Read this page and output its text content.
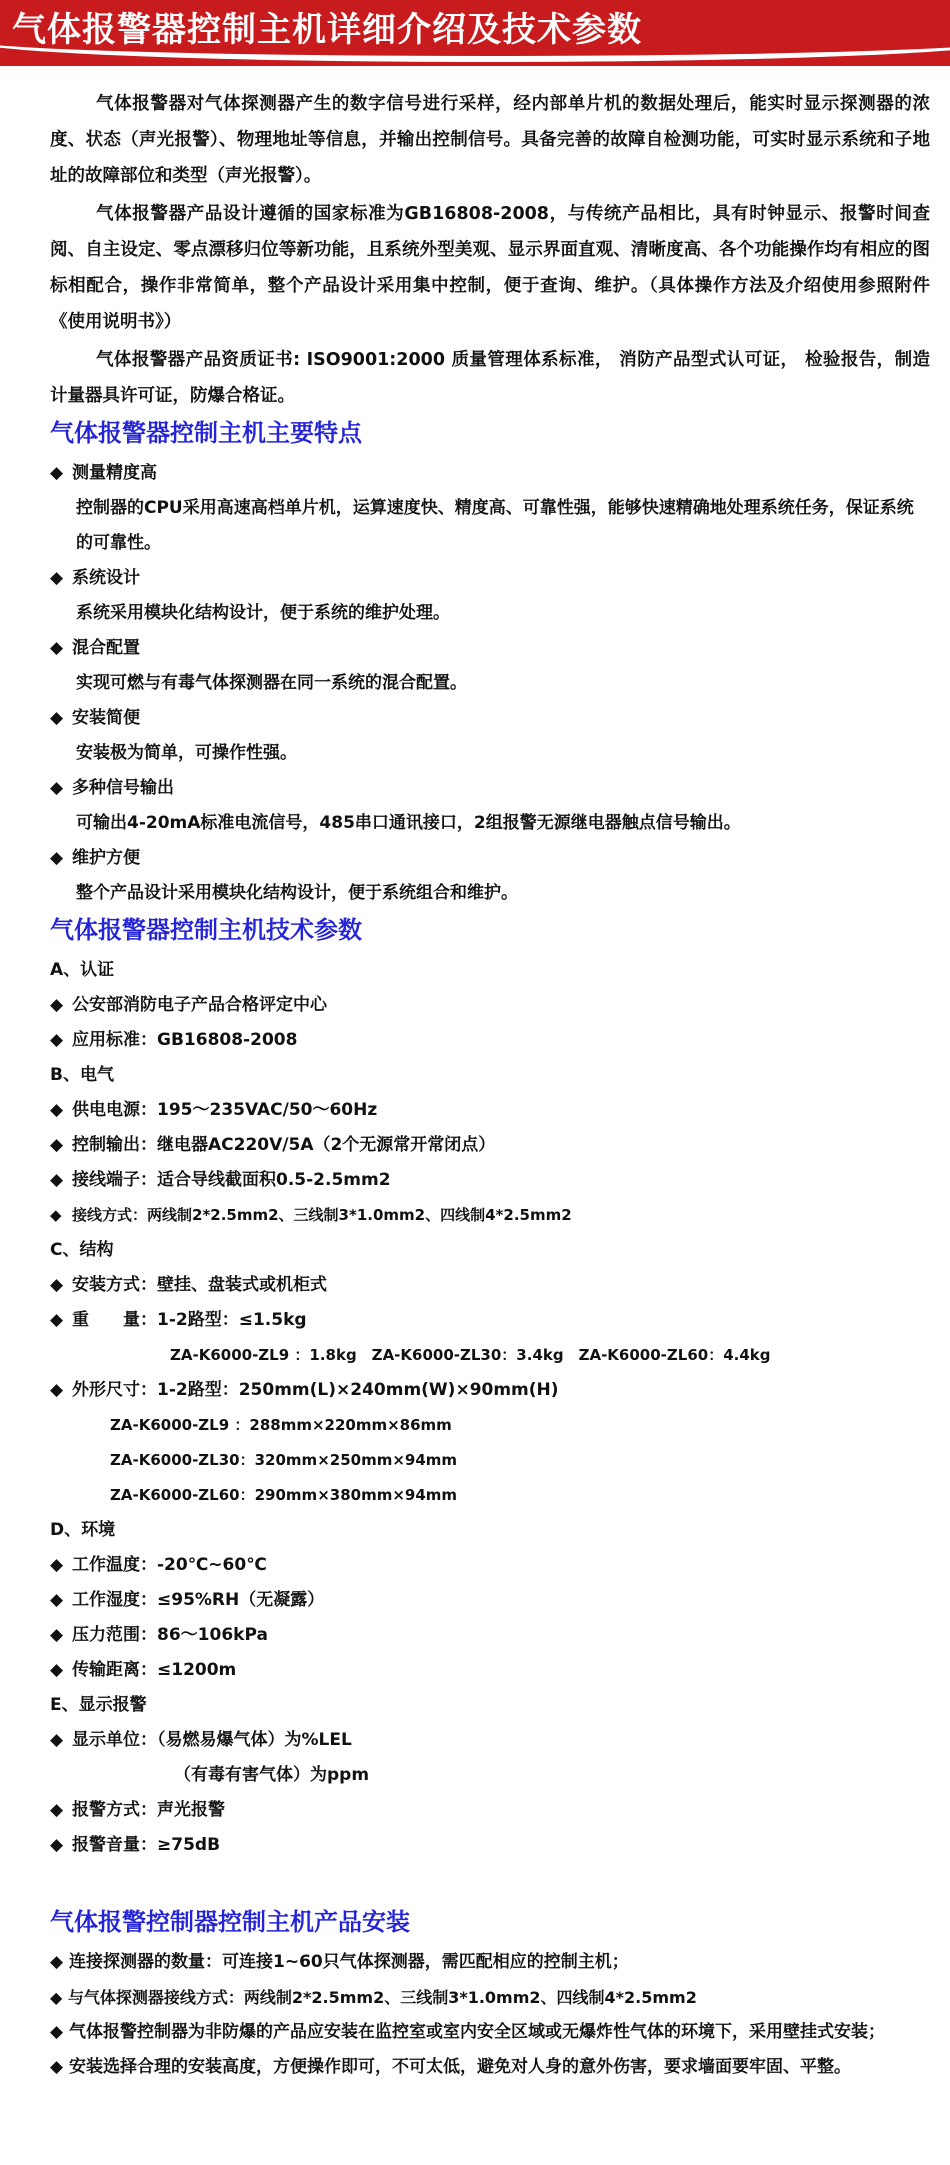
气体报警器控制主机详细介绍及技术参数

气体报警器对气体探测器产生的数字信号进行采样，经内部单片机的数据处理后，能实时显示探测器的浓度、状态（声光报警）、物理地址等信息，并输出控制信号。具备完善的故障自检测功能，可实时显示系统和子地址的故障部位和类型（声光报警）。

气体报警器产品设计遵循的国家标准为GB16808-2008，与传统产品相比，具有时钟显示、报警时间查阅、自主设定、零点漂移归位等新功能，且系统外型美观、显示界面直观、清晰度高、各个功能操作均有相应的图标相配合，操作非常简单，整个产品设计采用集中控制，便于查询、维护。（具体操作方法及介绍使用参照附件《使用说明书》）

气体报警器产品资质证书: ISO9001:2000 质量管理体系标准， 消防产品型式认可证， 检验报告，制造计量器具许可证，防爆合格证。

气体报警器控制主机主要特点
◆ 测量精度高
控制器的CPU采用高速高档单片机，运算速度快、精度高、可靠性强，能够快速精确地处理系统任务，保证系统的可靠性。
◆ 系统设计
系统采用模块化结构设计，便于系统的维护处理。
◆ 混合配置
实现可燃与有毒气体探测器在同一系统的混合配置。
◆ 安装简便
安装极为简单，可操作性强。
◆ 多种信号输出
可输出4-20mA标准电流信号，485串口通讯接口，2组报警无源继电器触点信号输出。
◆ 维护方便
整个产品设计采用模块化结构设计，便于系统组合和维护。
气体报警器控制主机技术参数
A、认证
◆ 公安部消防电子产品合格评定中心
◆ 应用标准：GB16808-2008
B、电气
◆ 供电电源：195～235VAC/50～60Hz
◆ 控制输出：继电器AC220V/5A（2个无源常开常闭点）
◆ 接线端子：适合导线截面积0.5-2.5mm2
◆ 接线方式：两线制2*2.5mm2、三线制3*1.0mm2、四线制4*2.5mm2
C、结构
◆ 安装方式：壁挂、盘装式或机柜式
◆ 重　　量：1-2路型：≤1.5kg
ZA-K6000-ZL9 ：1.8kg　ZA-K6000-ZL30：3.4kg　ZA-K6000-ZL60：4.4kg
◆ 外形尺寸：1-2路型：250mm(L)×240mm(W)×90mm(H)
ZA-K6000-ZL9 ：288mm×220mm×86mm
ZA-K6000-ZL30：320mm×250mm×94mm
ZA-K6000-ZL60：290mm×380mm×94mm
D、环境
◆ 工作温度：-20℃~60℃
◆ 工作湿度：≤95%RH（无凝露）
◆ 压力范围：86～106kPa
◆ 传输距离：≤1200m
E、显示报警
◆ 显示单位：（易燃易爆气体）为%LEL
（有毒有害气体）为ppm
◆ 报警方式：声光报警
◆ 报警音量：≥75dB
气体报警控制器控制主机产品安装
◆ 连接探测器的数量：可连接1~60只气体探测器，需匹配相应的控制主机；
◆ 与气体探测器接线方式：两线制2*2.5mm2、三线制3*1.0mm2、四线制4*2.5mm2
◆ 气体报警控制器为非防爆的产品应安装在监控室或室内安全区域或无爆炸性气体的环境下，采用壁挂式安装；
◆ 安装选择合理的安装高度，方便操作即可，不可太低，避免对人身的意外伤害，要求墙面要牢固、平整。
